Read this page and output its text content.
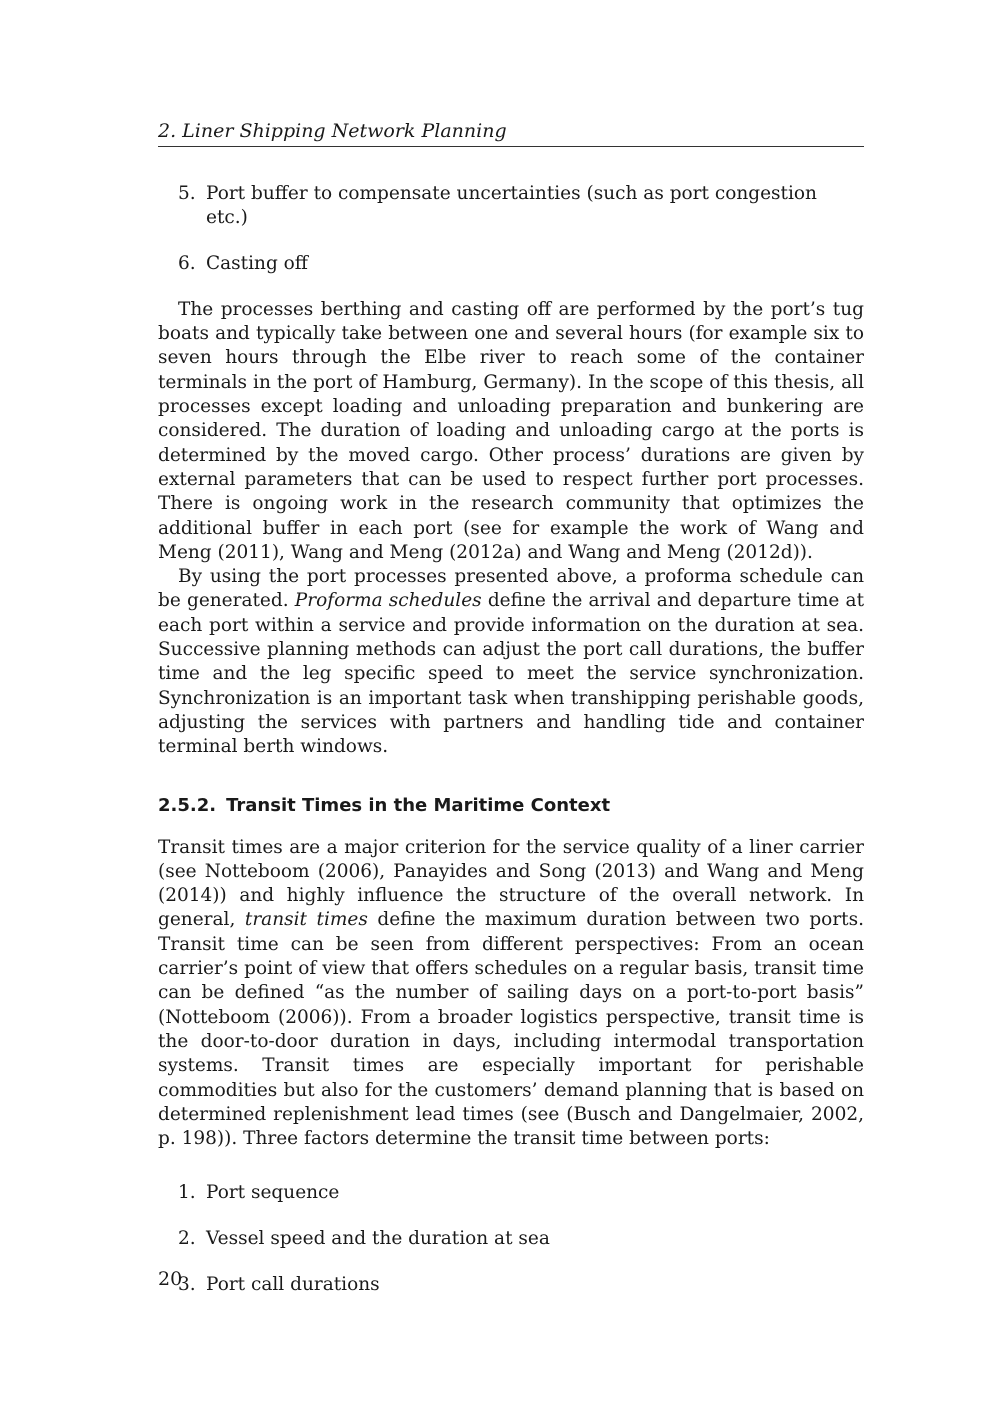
2. Liner Shipping Network Planning
5. Port buffer to compensate uncertainties (such as port congestion etc.)
6. Casting off

The processes berthing and casting off are performed by the port’s tug boats and typically take between one and several hours (for example six to seven hours through the Elbe river to reach some of the container terminals in the port of Hamburg, Germany). In the scope of this thesis, all processes except loading and unloading preparation and bunkering are considered. The duration of loading and unloading cargo at the ports is determined by the moved cargo. Other process’ durations are given by external parameters that can be used to respect further port processes. There is ongoing work in the research community that optimizes the additional buffer in each port (see for example the work of Wang and Meng (2011), Wang and Meng (2012a) and Wang and Meng (2012d)).

By using the port processes presented above, a proforma schedule can be generated. Proforma schedules define the arrival and departure time at each port within a service and provide information on the duration at sea. Successive planning methods can adjust the port call durations, the buffer time and the leg specific speed to meet the service synchronization. Synchronization is an important task when transhipping perishable goods, adjusting the services with partners and handling tide and container terminal berth windows.

2.5.2. Transit Times in the Maritime Context

Transit times are a major criterion for the service quality of a liner carrier (see Notteboom (2006), Panayides and Song (2013) and Wang and Meng (2014)) and highly influence the structure of the overall network. In general, transit times define the maximum duration between two ports. Transit time can be seen from different perspectives: From an ocean carrier’s point of view that offers schedules on a regular basis, transit time can be defined “as the number of sailing days on a port-to-port basis” (Notteboom (2006)). From a broader logistics perspective, transit time is the door-to-door duration in days, including intermodal transportation systems. Transit times are especially important for perishable commodities but also for the customers’ demand planning that is based on determined replenishment lead times (see (Busch and Dangelmaier, 2002, p. 198)). Three factors determine the transit time between ports:

1. Port sequence
2. Vessel speed and the duration at sea
3. Port call durations
20
